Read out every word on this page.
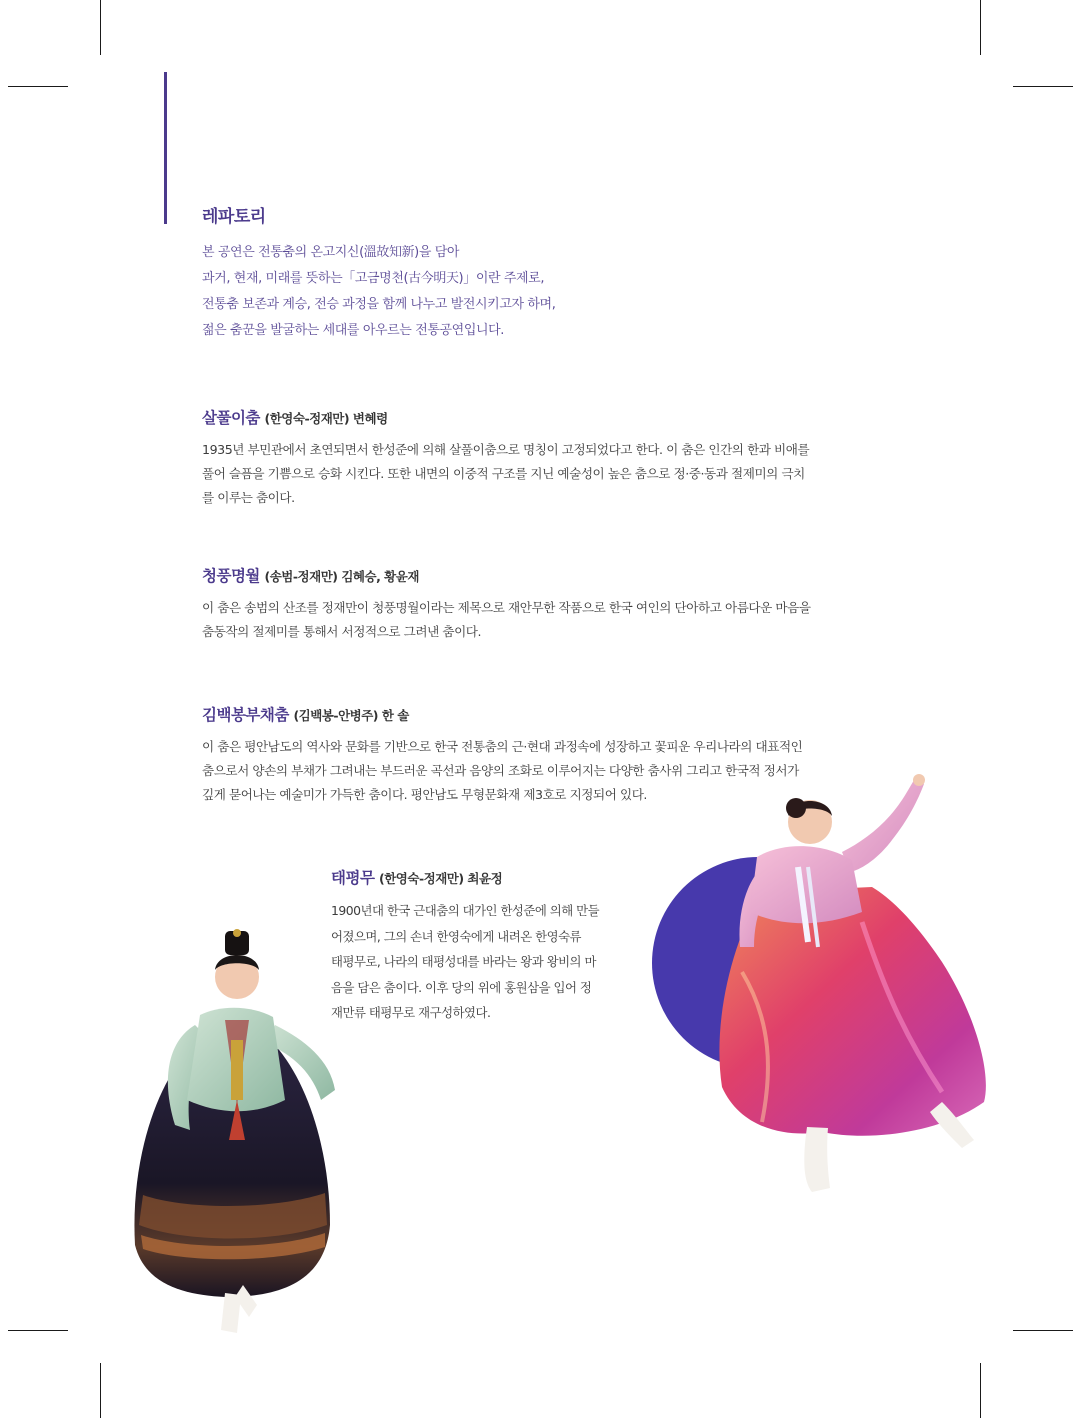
레파토리
본 공연은 전통춤의 온고지신(溫故知新)을 담아
과거, 현재, 미래를 뜻하는「고금명천(古今明天)」이란 주제로,
전통춤 보존과 계승, 전승 과정을 함께 나누고 발전시키고자 하며,
젊은 춤꾼을 발굴하는 세대를 아우르는 전통공연입니다.
살풀이춤 (한영숙-정재만) 변혜령
1935년 부민관에서 초연되면서 한성준에 의해 살풀이춤으로 명칭이 고정되었다고 한다. 이 춤은 인간의 한과 비애를
풀어 슬픔을 기쁨으로 승화 시킨다. 또한 내면의 이중적 구조를 지닌 예술성이 높은 춤으로 정·중·동과 절제미의 극치
를 이루는 춤이다.
청풍명월 (송범-정재만) 김혜승, 황윤재
이 춤은 송범의 산조를 정재만이 청풍명월이라는 제목으로 재안무한 작품으로 한국 여인의 단아하고 아름다운 마음을
춤동작의 절제미를 통해서 서정적으로 그려낸 춤이다.
김백봉부채춤 (김백봉-안병주) 한 솔
이 춤은 평안남도의 역사와 문화를 기반으로 한국 전통춤의 근·현대 과정속에 성장하고 꽃피운 우리나라의 대표적인
춤으로서 양손의 부채가 그려내는 부드러운 곡선과 음양의 조화로 이루어지는 다양한 춤사위 그리고 한국적 정서가
깊게 묻어나는 예술미가 가득한 춤이다. 평안남도 무형문화재 제3호로 지정되어 있다.
태평무 (한영숙-정재만) 최윤정
1900년대 한국 근대춤의 대가인 한성준에 의해 만들
어졌으며, 그의 손녀 한영숙에게 내려온 한영숙류
태평무로, 나라의 태평성대를 바라는 왕과 왕비의 마
음을 담은 춤이다. 이후 당의 위에 홍원삼을 입어 정
재만류 태평무로 재구성하였다.
